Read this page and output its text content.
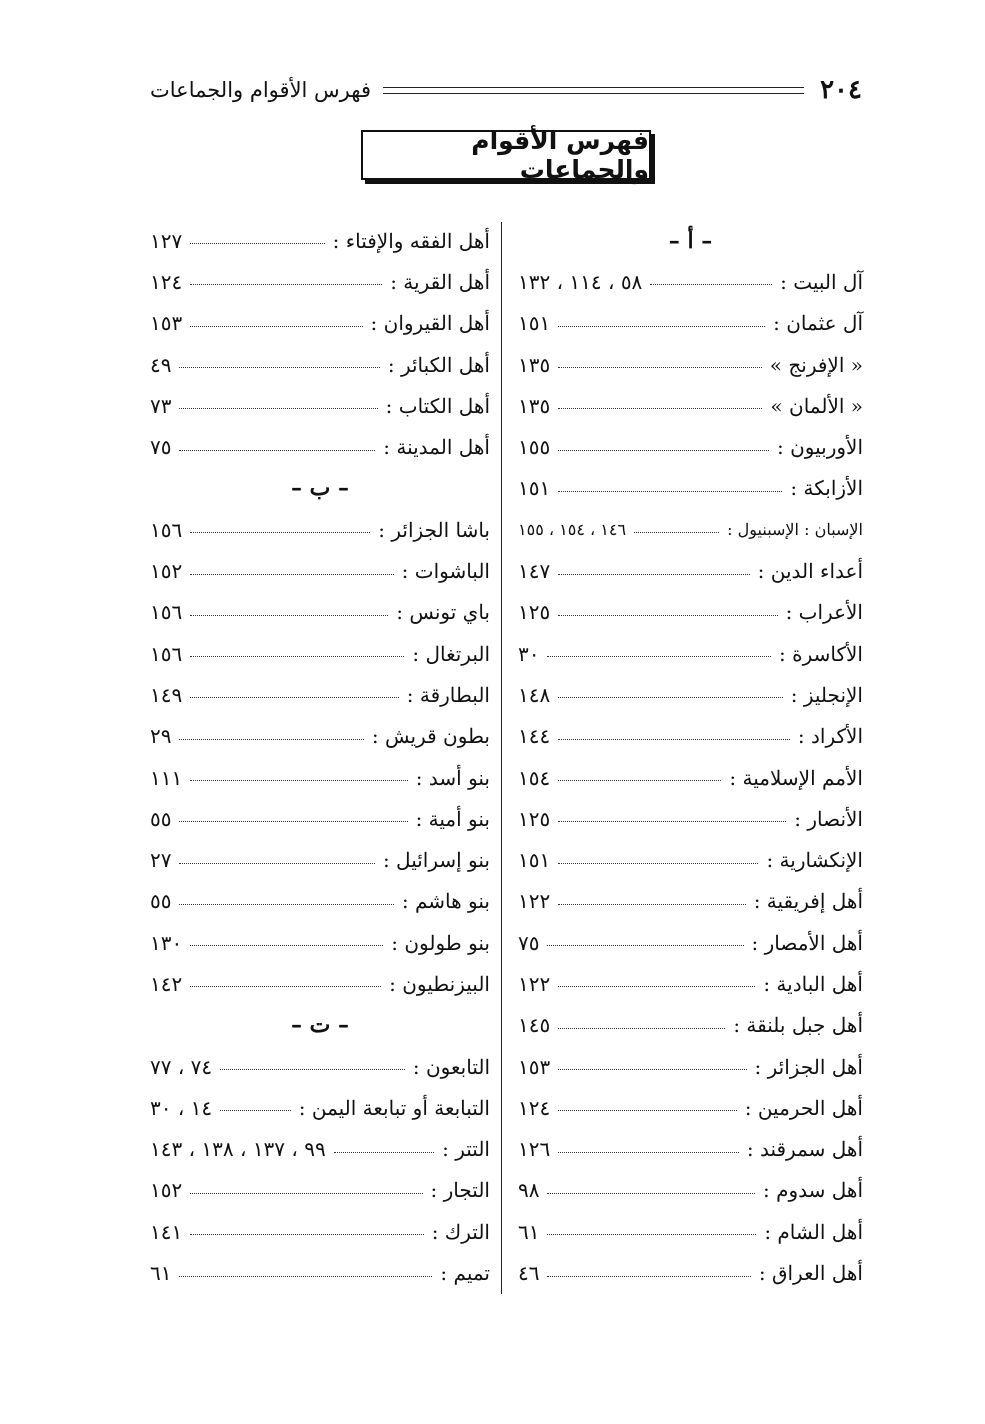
٢٠٤
فهرس الأقوام والجماعات
فهرس الأقوام والجماعات
– أ –
آل البيت :
٥٨ ، ١١٤ ، ١٣٢
آل عثمان :
١٥١
« الإفرنج »
١٣٥
« الألمان »
١٣٥
الأوربيون :
١٥٥
الأزابكة :
١٥١
الإسبان : الإسبنيول :
١٤٦ ، ١٥٤ ، ١٥٥
أعداء الدين :
١٤٧
الأعراب :
١٢٥
الأكاسرة :
٣٠
الإنجليز :
١٤٨
الأكراد :
١٤٤
الأمم الإسلامية :
١٥٤
الأنصار :
١٢٥
الإنكشارية :
١٥١
أهل إفريقية :
١٢٢
أهل الأمصار :
٧٥
أهل البادية :
١٢٢
أهل جبل بلنقة :
١٤٥
أهل الجزائر :
١٥٣
أهل الحرمين :
١٢٤
أهل سمرقند :
١٢٦
أهل سدوم :
٩٨
أهل الشام :
٦١
أهل العراق :
٤٦
أهل الفقه والإفتاء :
١٢٧
أهل القرية :
١٢٤
أهل القيروان :
١٥٣
أهل الكبائر :
٤٩
أهل الكتاب :
٧٣
أهل المدينة :
٧٥
– ب –
باشا الجزائر :
١٥٦
الباشوات :
١٥٢
باي تونس :
١٥٦
البرتغال :
١٥٦
البطارقة :
١٤٩
بطون قريش :
٢٩
بنو أسد :
١١١
بنو أمية :
٥٥
بنو إسرائيل :
٢٧
بنو هاشم :
٥٥
بنو طولون :
١٣٠
البيزنطيون :
١٤٢
– ت –
التابعون :
٧٤ ، ٧٧
التبابعة أو تبابعة اليمن :
١٤ ، ٣٠
التتر :
٩٩ ، ١٣٧ ، ١٣٨ ، ١٤٣
التجار :
١٥٢
الترك :
١٤١
تميم :
٦١
